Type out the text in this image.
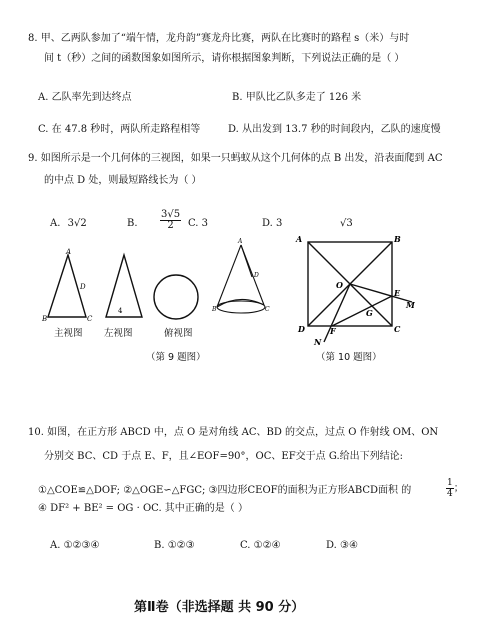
8. 甲、乙两队参加了“端午情，龙舟韵”赛龙舟比赛，两队在比赛时的路程 s（米）与时
间 t（秒）之间的函数图象如图所示，请你根据图象判断，下列说法正确的是（ ）
A. 乙队率先到达终点	B. 甲队比乙队多走了 126 米
C. 在 47.8 秒时，两队所走路程相等	D. 从出发到 13.7 秒的时间段内，乙队的速度慢
9. 如图所示是一个几何体的三视图，如果一只蚂蚁从这个几何体的点 B 出发，沿表面爬到 AC
的中点 D 处，则最短路线长为（ ）
A. 3√2	B. $\frac{3√5}{2} C$. 3	D. 3	√3
A
B	C
D
4
主视图 左视图	俯视图
A
B	C
D
（第 9 题图）
A	B
C
D
O
E
F
G
M
N
（第 10 题图）
10. 如图，在正方形 ABCD 中，点 O 是对角线 AC、BD 的交点，过点 O 作射线 OM、ON
分别交 BC、CD 于点 E、F，且∠EOF=90°，OC、EF交于点 G.给出下列结论:
①△COE≌△DOF; ②△OGE∽△FGC; ③四边形CEOF的面积为正方形ABCD面积 的	$\frac{1}{4}$ ；
④ DF² + BE² = OG · OC. 其中正确的是（ ）
A. ①②③④	B. ①②③	C. ①②④	D. ③④
第Ⅱ卷（非选择题 共 90 分）
